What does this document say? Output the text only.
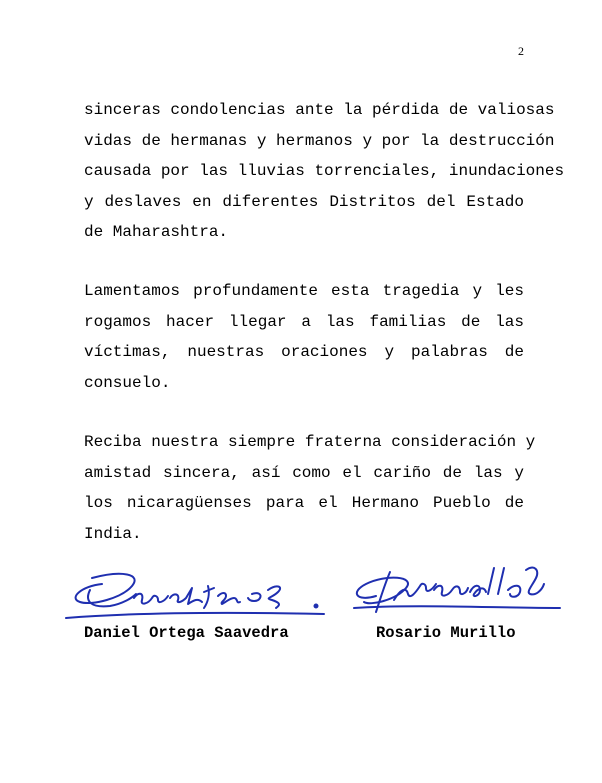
2
sinceras condolencias ante la pérdida de valiosas
vidas de hermanas y hermanos y por la destrucción
causada por las lluvias torrenciales, inundaciones
y deslaves en diferentes Distritos del Estado
de Maharashtra.
Lamentamos profundamente esta tragedia y les
rogamos hacer llegar a las familias de las
víctimas, nuestras oraciones y palabras de
consuelo.
Reciba nuestra siempre fraterna consideración y
amistad sincera, así como el cariño de las y
los nicaragüenses para el Hermano Pueblo de
India.
Daniel Ortega Saavedra	Rosario Murillo
